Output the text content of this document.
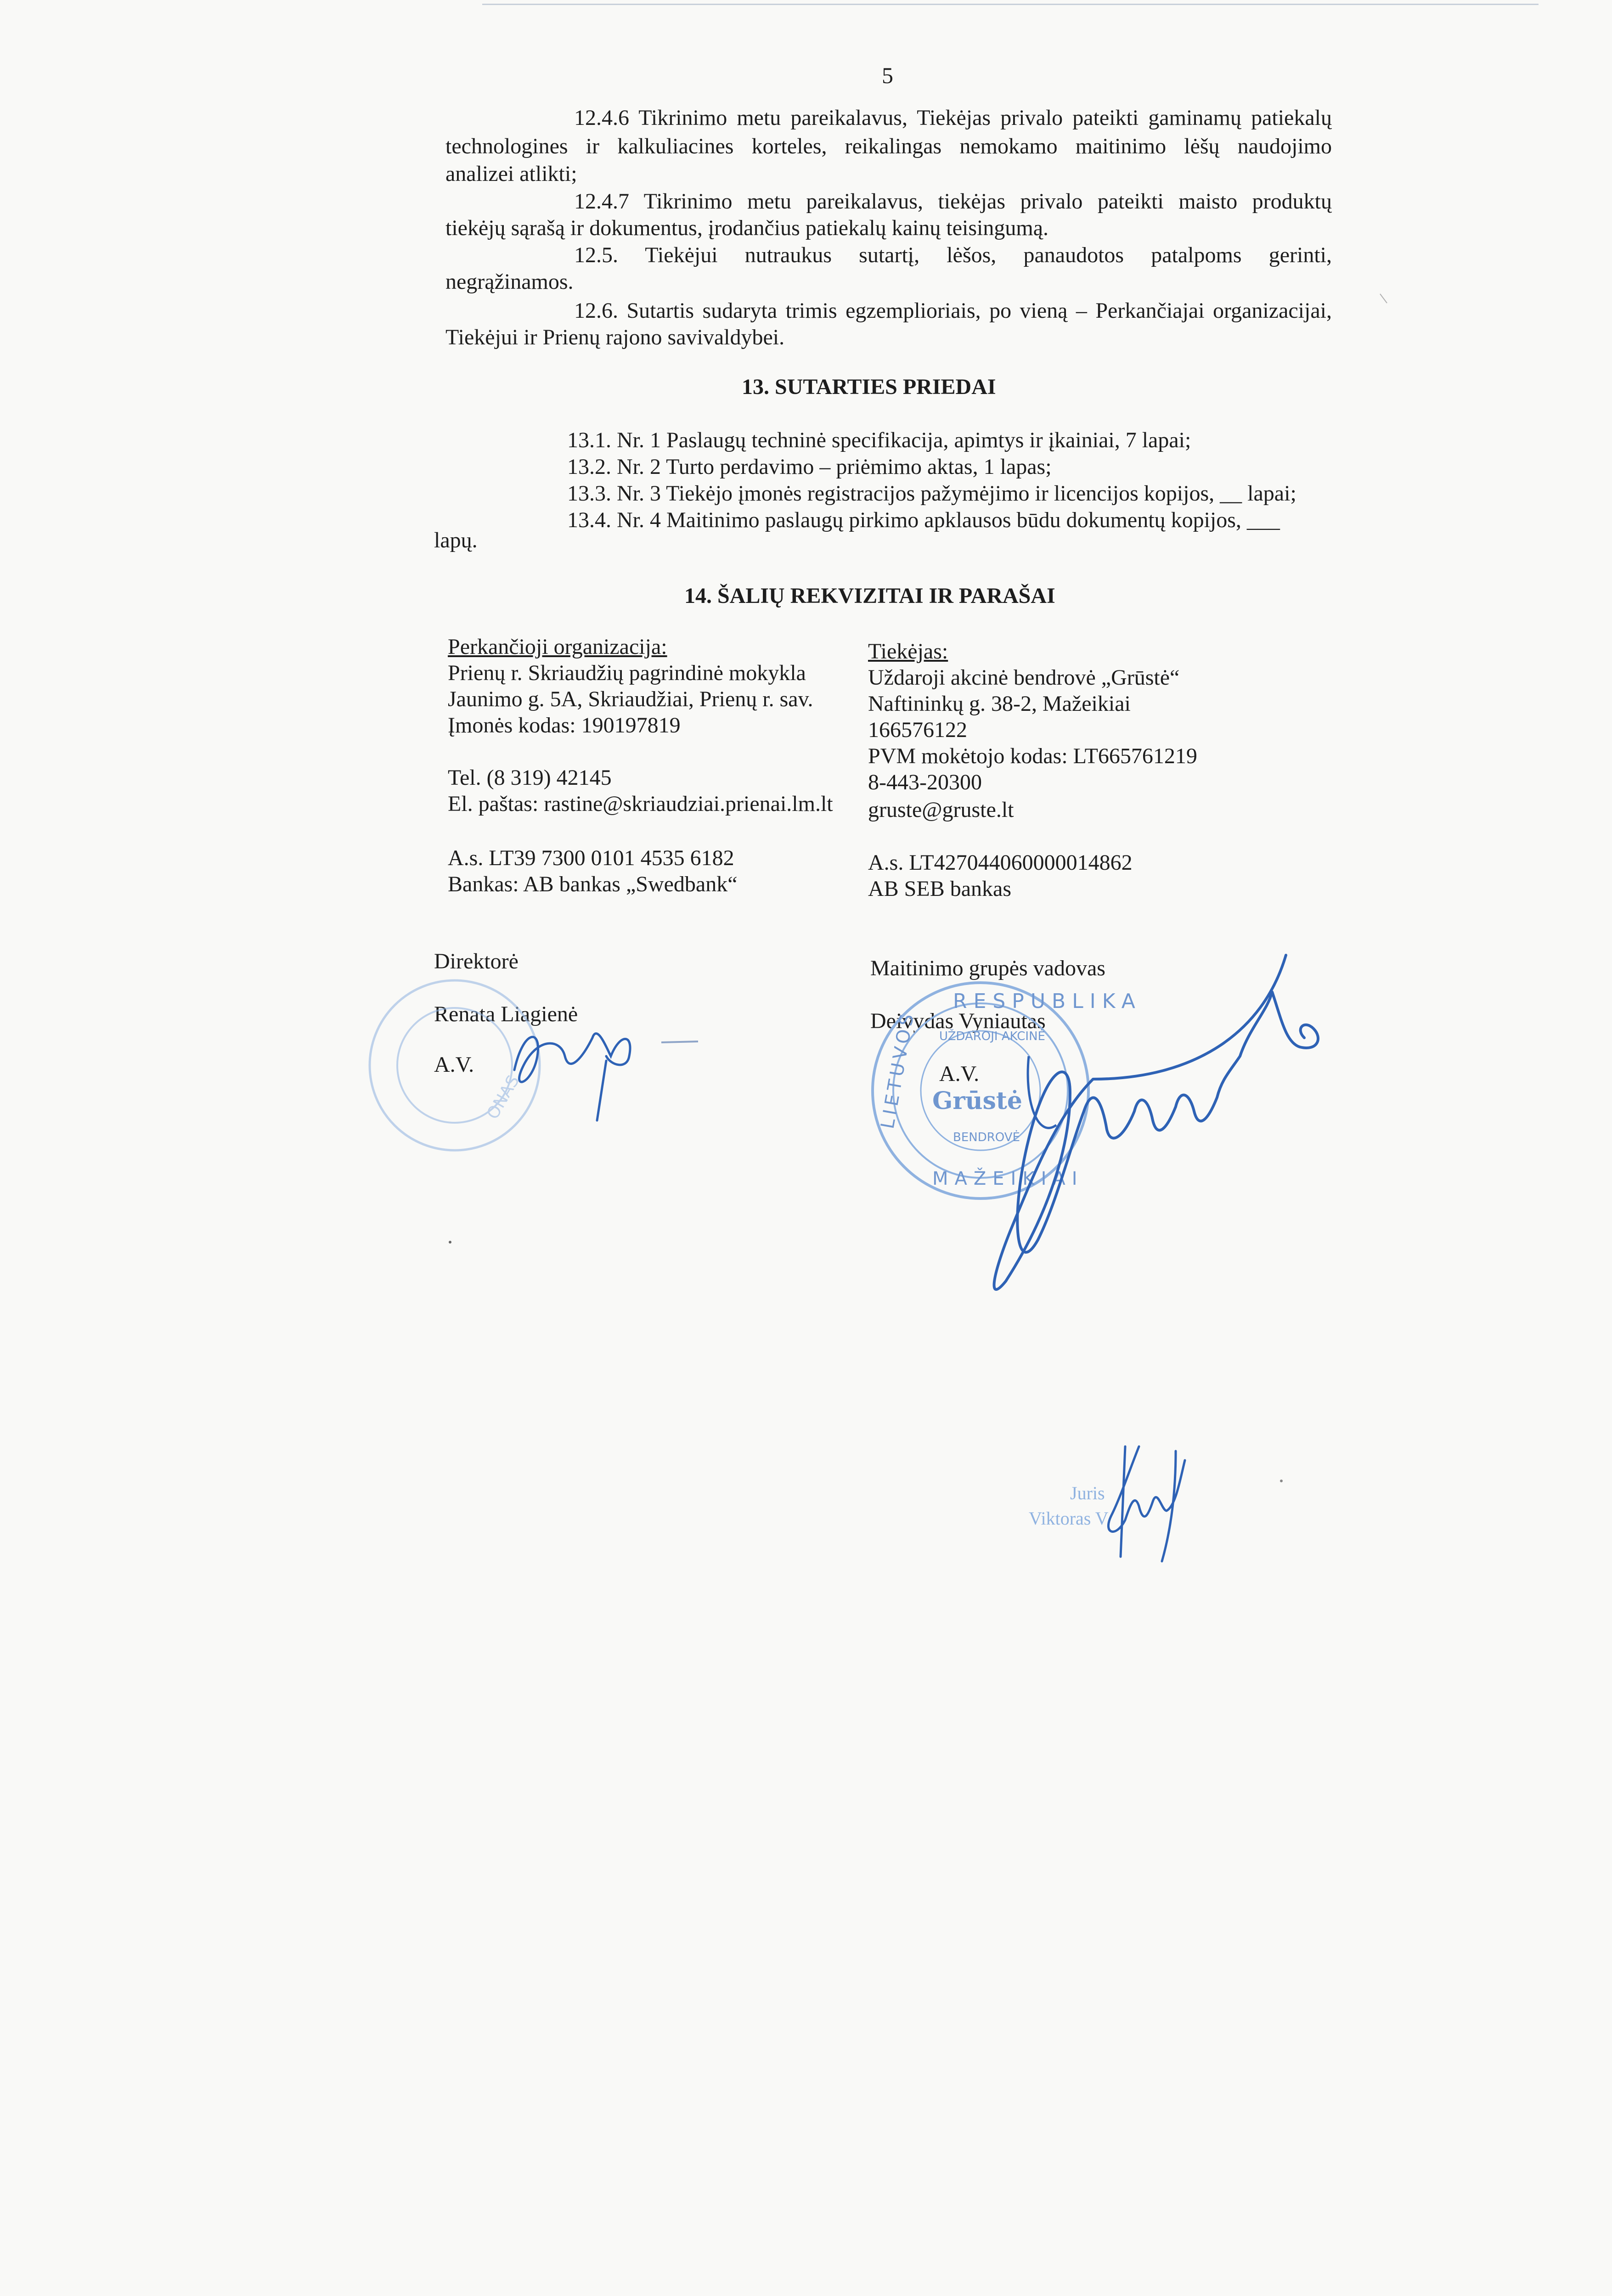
5
12.4.6 Tikrinimo metu pareikalavus, Tiekėjas privalo pateikti gaminamų patiekalų
technologines ir kalkuliacines korteles, reikalingas nemokamo maitinimo lėšų naudojimo
analizei atlikti;
12.4.7 Tikrinimo metu pareikalavus, tiekėjas privalo pateikti maisto produktų
tiekėjų sąrašą ir dokumentus, įrodančius patiekalų kainų teisingumą.
12.5. Tiekėjui nutraukus sutartį, lėšos, panaudotos patalpoms gerinti,
negrąžinamos.
12.6. Sutartis sudaryta trimis egzemplioriais, po vieną – Perkančiajai organizacijai,
Tiekėjui ir Prienų rajono savivaldybei.
13. SUTARTIES PRIEDAI
13.1. Nr. 1 Paslaugų techninė specifikacija, apimtys ir įkainiai, 7 lapai;
13.2. Nr. 2 Turto perdavimo – priėmimo aktas, 1 lapas;
13.3. Nr. 3 Tiekėjo įmonės registracijos pažymėjimo ir licencijos kopijos, __ lapai;
13.4. Nr. 4 Maitinimo paslaugų pirkimo apklausos būdu dokumentų kopijos, ___
lapų.
14. ŠALIŲ REKVIZITAI IR PARAŠAI
Perkančioji organizacija:
Prienų r. Skriaudžių pagrindinė mokykla
Jaunimo g. 5A, Skriaudžiai, Prienų r. sav.
Įmonės kodas: 190197819
Tel. (8 319) 42145
El. paštas: rastine@skriaudziai.prienai.lm.lt
A.s. LT39 7300 0101 4535 6182
Bankas: AB bankas „Swedbank“
Direktorė
Renata Liagienė
A.V.
Tiekėjas:
Uždaroji akcinė bendrovė „Grūstė“
Naftininkų g. 38-2, Mažeikiai
166576122
PVM mokėtojo kodas: LT665761219
8-443-20300
gruste@gruste.lt
A.s. LT427044060000014862
AB SEB bankas
Maitinimo grupės vadovas
Deivydas Vyniautas
A.V.
ONAS
RESPUBLIKA
LIETUVOS
MAŽEIKIAI
UŽDAROJI AKCINĖ
BENDROVĖ
Grūstė
Juris
Viktoras V
